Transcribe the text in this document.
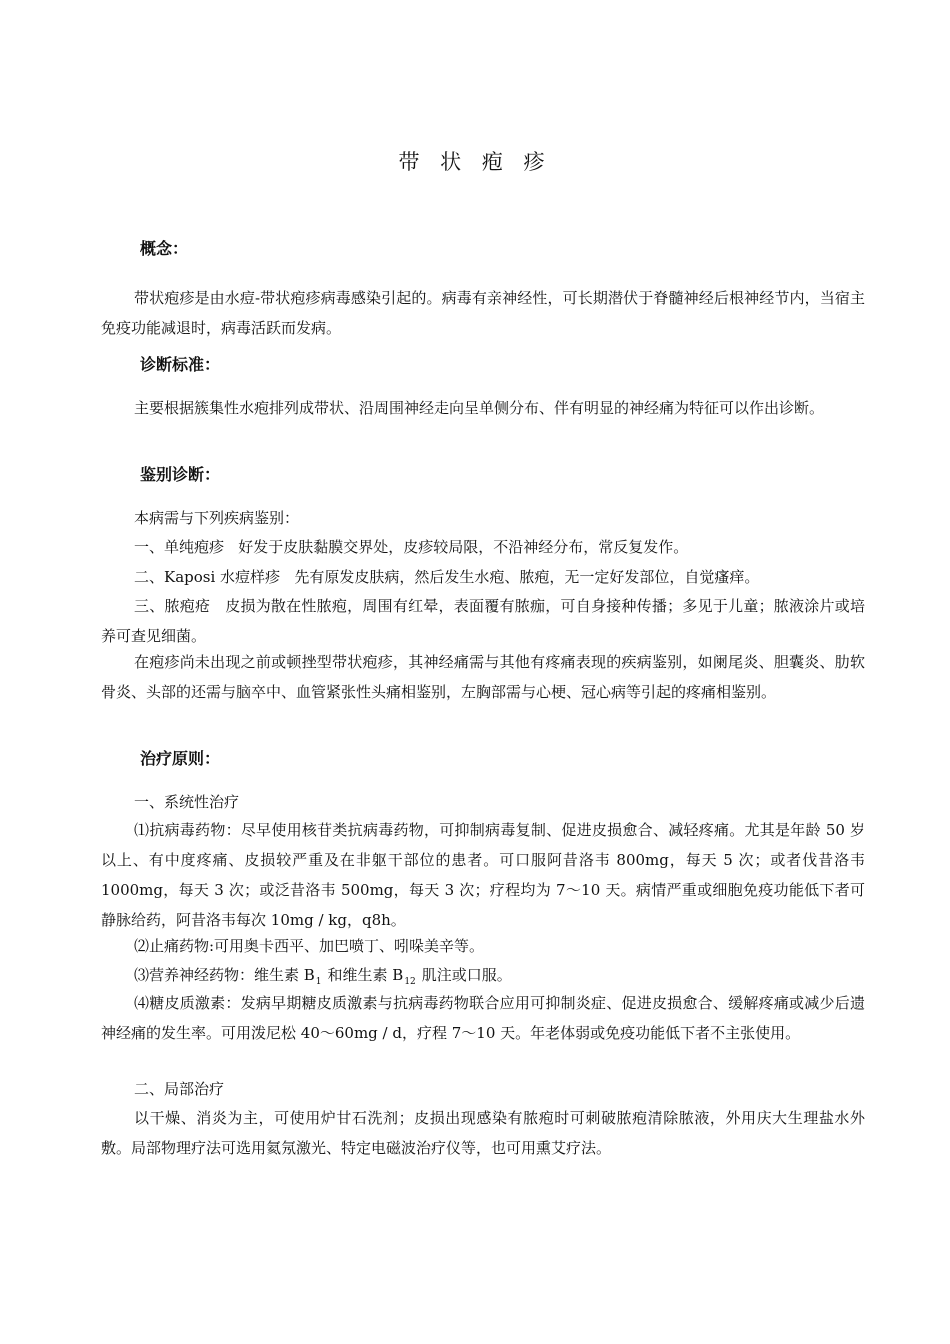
带 状 疱 疹
概念：
带状疱疹是由水痘-带状疱疹病毒感染引起的。病毒有亲神经性，可长期潜伏于脊髓神经后根神经节内，当宿主免疫功能减退时，病毒活跃而发病。
诊断标准：
主要根据簇集性水疱排列成带状、沿周围神经走向呈单侧分布、伴有明显的神经痛为特征可以作出诊断。
鉴别诊断：
本病需与下列疾病鉴别：
一、单纯疱疹   好发于皮肤黏膜交界处，皮疹较局限，不沿神经分布，常反复发作。
二、Kaposi 水痘样疹   先有原发皮肤病，然后发生水疱、脓疱，无一定好发部位，自觉瘙痒。
三、脓疱疮   皮损为散在性脓疱，周围有红晕，表面覆有脓痂，可自身接种传播；多见于儿童；脓液涂片或培养可查见细菌。
在疱疹尚未出现之前或顿挫型带状疱疹，其神经痛需与其他有疼痛表现的疾病鉴别，如阑尾炎、胆囊炎、肋软骨炎、头部的还需与脑卒中、血管紧张性头痛相鉴别，左胸部需与心梗、冠心病等引起的疼痛相鉴别。
治疗原则：
一、系统性治疗
⑴抗病毒药物：尽早使用核苷类抗病毒药物，可抑制病毒复制、促进皮损愈合、减轻疼痛。尤其是年龄 50 岁以上、有中度疼痛、皮损较严重及在非躯干部位的患者。可口服阿昔洛韦 800mg，每天 5 次；或者伐昔洛韦 1000mg，每天 3 次；或泛昔洛韦 500mg，每天 3 次；疗程均为 7～10 天。病情严重或细胞免疫功能低下者可静脉给药，阿昔洛韦每次 10mg / kg，q8h。
⑵止痛药物:可用奥卡西平、加巴喷丁、吲哚美辛等。
⑶营养神经药物：维生素 $B_1$ 和维生素 $B_{12}$ 肌注或口服。
⑷糖皮质激素：发病早期糖皮质激素与抗病毒药物联合应用可抑制炎症、促进皮损愈合、缓解疼痛或减少后遗神经痛的发生率。可用泼尼松 40～60mg / d，疗程 7～10 天。年老体弱或免疫功能低下者不主张使用。
二、局部治疗
以干燥、消炎为主，可使用炉甘石洗剂；皮损出现感染有脓疱时可刺破脓疱清除脓液，外用庆大生理盐水外敷。局部物理疗法可选用氦氖激光、特定电磁波治疗仪等，也可用熏艾疗法。
